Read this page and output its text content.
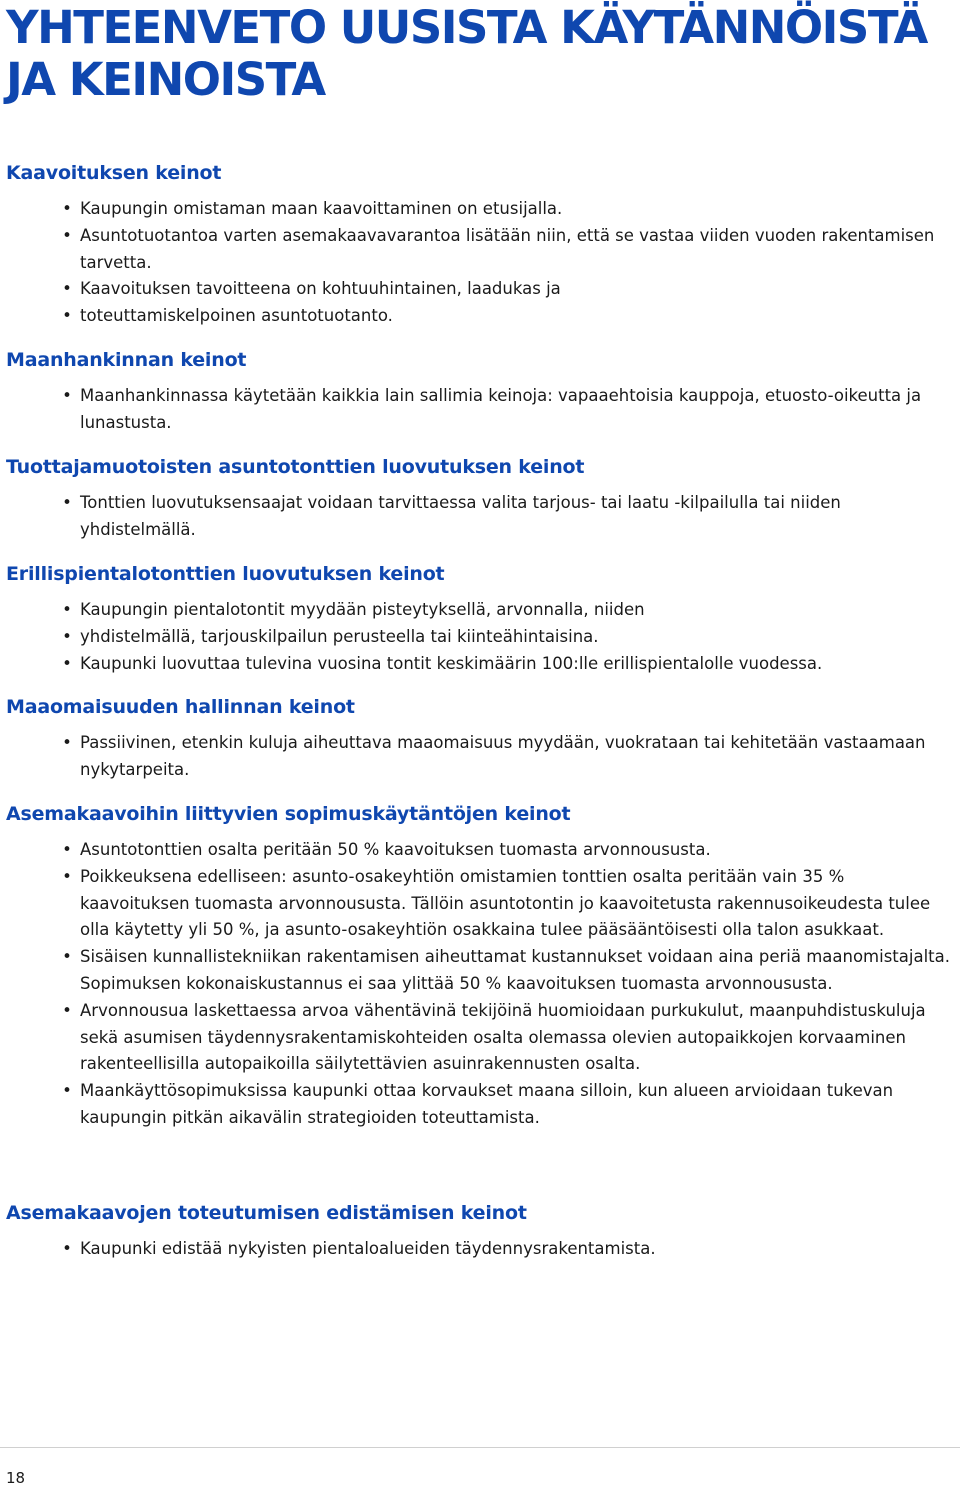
YHTEENVETO UUSISTA KÄYTÄNNÖISTÄ JA KEINOISTA
Kaavoituksen keinot
• Kaupungin omistaman maan kaavoittaminen on etusijalla.
• Asuntotuotantoa varten asemakaavavarantoa lisätään niin, että se vastaa viiden vuoden rakentamisen tarvetta.
• Kaavoituksen tavoitteena on kohtuuhintainen, laadukas ja
• toteuttamiskelpoinen asuntotuotanto.
Maanhankinnan keinot
• Maanhankinnassa käytetään kaikkia lain sallimia keinoja: vapaaehtoisia kauppoja, etuosto-oikeutta ja lunastusta.
Tuottajamuotoisten asuntotonttien luovutuksen keinot
• Tonttien luovutuksensaajat voidaan tarvittaessa valita tarjous- tai laatu -kilpailulla tai niiden yhdistelmällä.
Erillispientalotonttien luovutuksen keinot
• Kaupungin pientalotontit myydään pisteytyksellä, arvonnalla, niiden
• yhdistelmällä, tarjouskilpailun perusteella tai kiinteähintaisina.
• Kaupunki luovuttaa tulevina vuosina tontit keskimäärin 100:lle erillispientalolle vuodessa.
Maaomaisuuden hallinnan keinot
• Passiivinen, etenkin kuluja aiheuttava maaomaisuus myydään, vuokrataan tai kehitetään vastaamaan nykytarpeita.
Asemakaavoihin liittyvien sopimuskäytäntöjen keinot
• Asuntotonttien osalta peritään 50 % kaavoituksen tuomasta arvonnoususta.
• Poikkeuksena edelliseen: asunto-osakeyhtiön omistamien tonttien osalta peritään vain 35 % kaavoituksen tuomasta arvonnoususta. Tällöin asuntotontin jo kaavoitetusta rakennusoikeudesta tulee olla käytetty yli 50 %, ja asunto-osakeyhtiön osakkaina tulee pääsääntöisesti olla talon asukkaat.
• Sisäisen kunnallistekniikan rakentamisen aiheuttamat kustannukset voidaan aina periä maanomistajalta. Sopimuksen kokonaiskustannus ei saa ylittää 50 % kaavoituksen tuomasta arvonnoususta.
• Arvonnousua laskettaessa arvoa vähentävinä tekijöinä huomioidaan purkukulut, maanpuhdistuskuluja sekä asumisen täydennysrakentamiskohteiden osalta olemassa olevien autopaikkojen korvaaminen rakenteellisilla autopaikoilla säilytettävien asuinrakennusten osalta.
• Maankäyttösopimuksissa kaupunki ottaa korvaukset maana silloin, kun alueen arvioidaan tukevan kaupungin pitkän aikavälin strategioiden toteuttamista.
Asemakaavojen toteutumisen edistämisen keinot
• Kaupunki edistää nykyisten pientaloalueiden täydennysrakentamista.
18
